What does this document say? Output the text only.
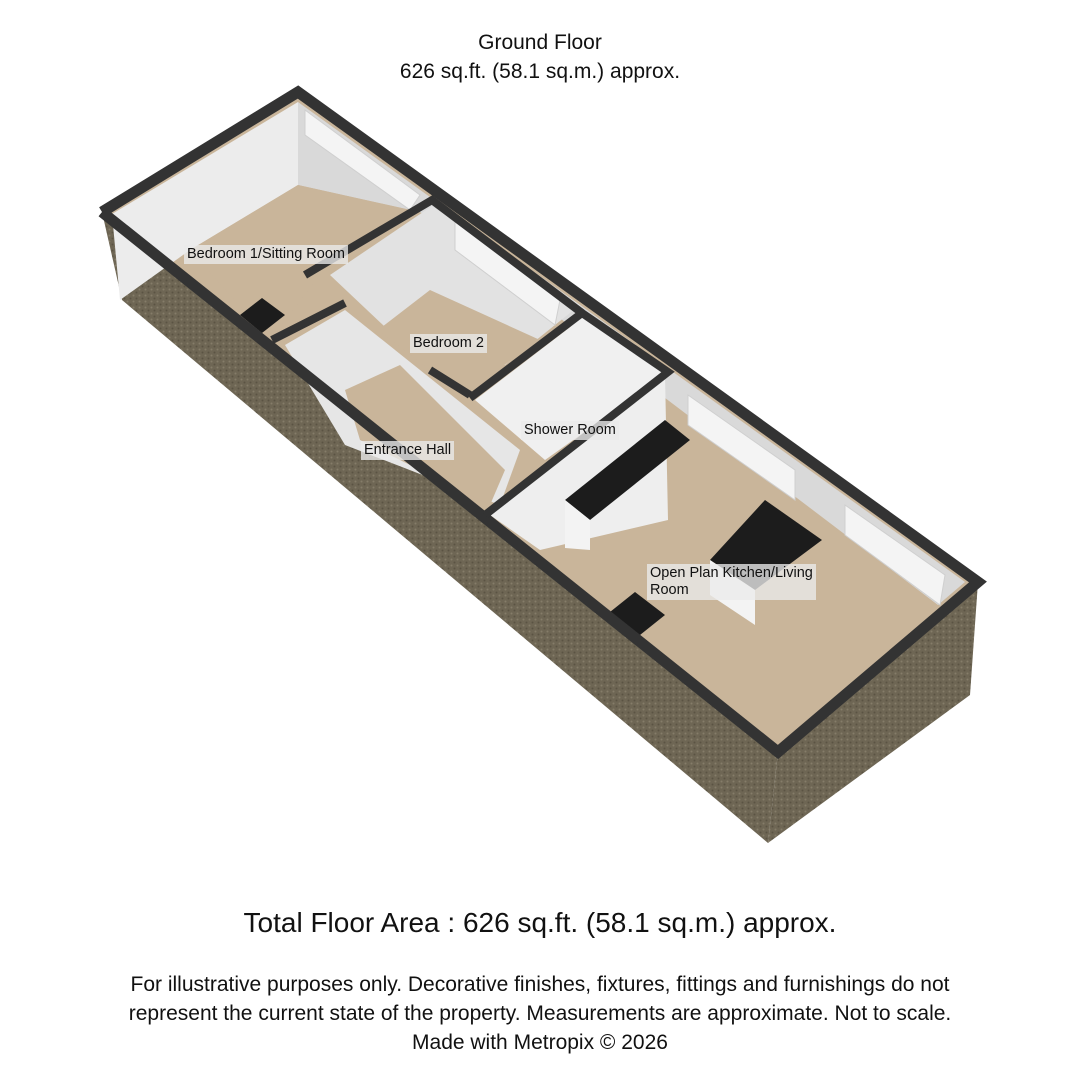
Ground Floor
626 sq.ft. (58.1 sq.m.) approx.
Bedroom 1/Sitting Room
Bedroom 2
Shower Room
Entrance Hall
Open Plan Kitchen/Living
Room
Total Floor Area : 626 sq.ft. (58.1 sq.m.) approx.
For illustrative purposes only. Decorative finishes, fixtures, fittings and furnishings do not
represent the current state of the property. Measurements are approximate. Not to scale.
Made with Metropix © 2026
